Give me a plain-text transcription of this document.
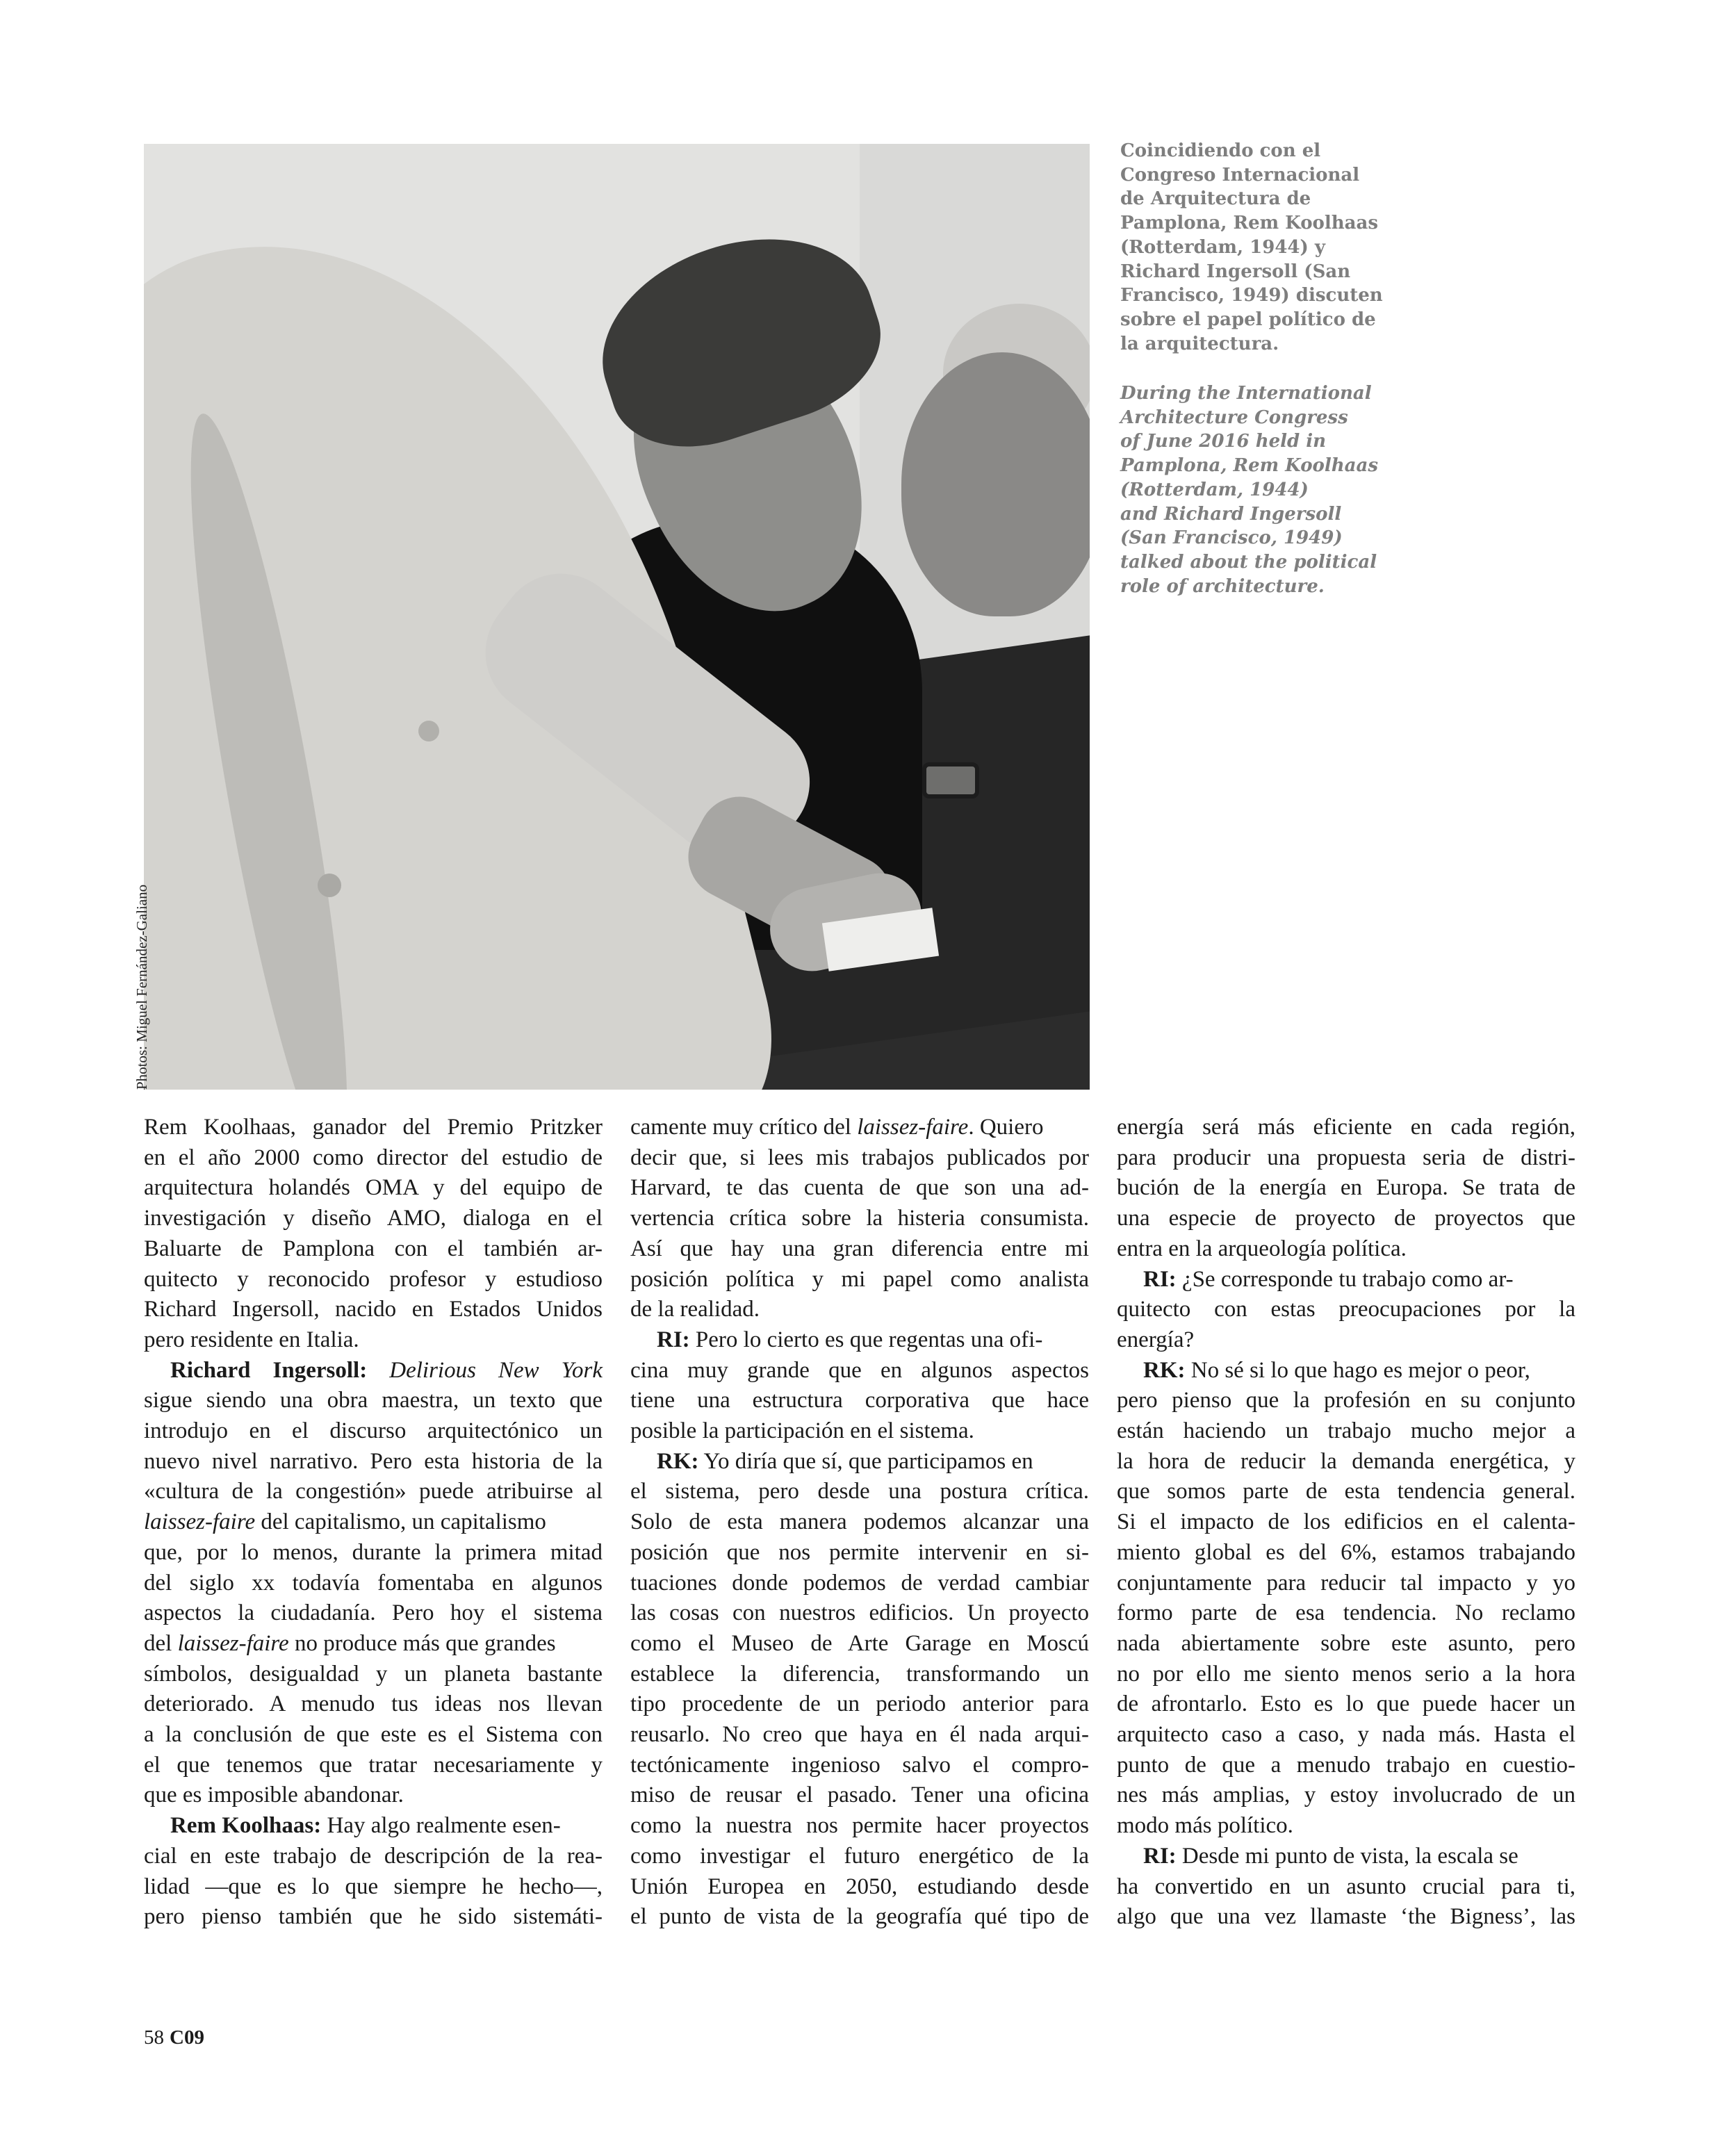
Photos: Miguel Fernández-Galiano
Coincidiendo con el
Congreso Internacional
de Arquitectura de
Pamplona, Rem Koolhaas
(Rotterdam, 1944) y
Richard Ingersoll (San
Francisco, 1949) discuten
sobre el papel político de
la arquitectura.
During the International
Architecture Congress
of June 2016 held in
Pamplona, Rem Koolhaas
(Rotterdam, 1944)
and Richard Ingersoll
(San Francisco, 1949)
talked about the political
role of architecture.
Rem Koolhaas, ganador del Premio Pritzker
en el año 2000 como director del estudio de
arquitectura holandés OMA y del equipo de
investigación y diseño AMO, dialoga en el
Baluarte de Pamplona con el también ar-
quitecto y reconocido profesor y estudioso
Richard Ingersoll, nacido en Estados Unidos
pero residente en Italia.
Richard Ingersoll: Delirious New York
sigue siendo una obra maestra, un texto que
introdujo en el discurso arquitectónico un
nuevo nivel narrativo. Pero esta historia de la
«cultura de la congestión» puede atribuirse al
laissez-faire del capitalismo, un capitalismo
que, por lo menos, durante la primera mitad
del siglo xx todavía fomentaba en algunos
aspectos la ciudadanía. Pero hoy el sistema
del laissez-faire no produce más que grandes
símbolos, desigualdad y un planeta bastante
deteriorado. A menudo tus ideas nos llevan
a la conclusión de que este es el Sistema con
el que tenemos que tratar necesariamente y
que es imposible abandonar.
Rem Koolhaas: Hay algo realmente esen-
cial en este trabajo de descripción de la rea-
lidad —que es lo que siempre he hecho—,
pero pienso también que he sido sistemáti-
camente muy crítico del laissez-faire. Quiero
decir que, si lees mis trabajos publicados por
Harvard, te das cuenta de que son una ad-
vertencia crítica sobre la histeria consumista.
Así que hay una gran diferencia entre mi
posición política y mi papel como analista
de la realidad.
RI: Pero lo cierto es que regentas una ofi-
cina muy grande que en algunos aspectos
tiene una estructura corporativa que hace
posible la participación en el sistema.
RK: Yo diría que sí, que participamos en
el sistema, pero desde una postura crítica.
Solo de esta manera podemos alcanzar una
posición que nos permite intervenir en si-
tuaciones donde podemos de verdad cambiar
las cosas con nuestros edificios. Un proyecto
como el Museo de Arte Garage en Moscú
establece la diferencia, transformando un
tipo procedente de un periodo anterior para
reusarlo. No creo que haya en él nada arqui-
tectónicamente ingenioso salvo el compro-
miso de reusar el pasado. Tener una oficina
como la nuestra nos permite hacer proyectos
como investigar el futuro energético de la
Unión Europea en 2050, estudiando desde
el punto de vista de la geografía qué tipo de
energía será más eficiente en cada región,
para producir una propuesta seria de distri-
bución de la energía en Europa. Se trata de
una especie de proyecto de proyectos que
entra en la arqueología política.
RI: ¿Se corresponde tu trabajo como ar-
quitecto con estas preocupaciones por la
energía?
RK: No sé si lo que hago es mejor o peor,
pero pienso que la profesión en su conjunto
están haciendo un trabajo mucho mejor a
la hora de reducir la demanda energética, y
que somos parte de esta tendencia general.
Si el impacto de los edificios en el calenta-
miento global es del 6%, estamos trabajando
conjuntamente para reducir tal impacto y yo
formo parte de esa tendencia. No reclamo
nada abiertamente sobre este asunto, pero
no por ello me siento menos serio a la hora
de afrontarlo. Esto es lo que puede hacer un
arquitecto caso a caso, y nada más. Hasta el
punto de que a menudo trabajo en cuestio-
nes más amplias, y estoy involucrado de un
modo más político.
RI: Desde mi punto de vista, la escala se
ha convertido en un asunto crucial para ti,
algo que una vez llamaste ‘the Bigness’, las
58 C09
